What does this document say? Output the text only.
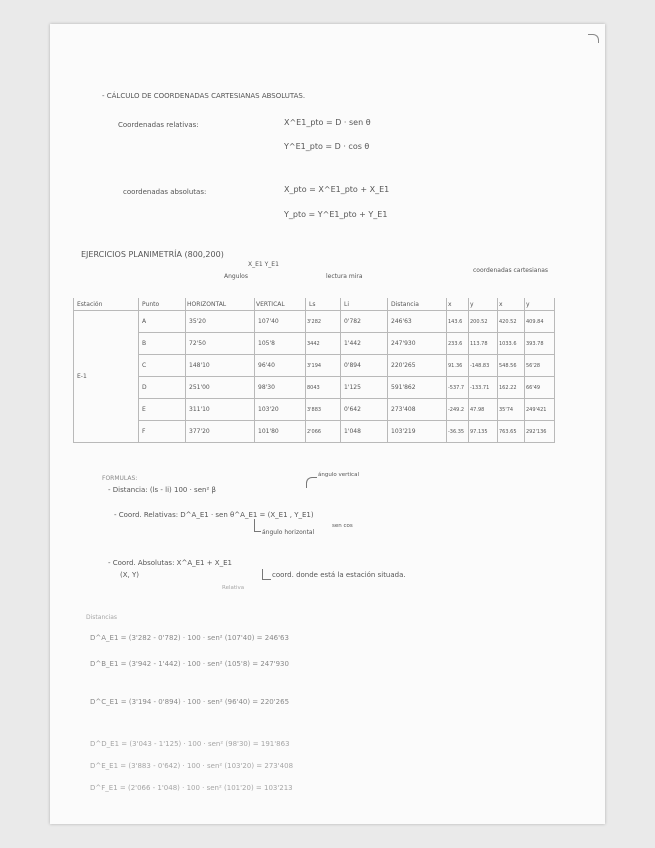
- CÁLCULO DE COORDENADAS CARTESIANAS ABSOLUTAS.
Coordenadas relativas:	X^E1_pto = D · sen θ
Y^E1_pto = D · cos θ
coordenadas absolutas:	X_pto = X^E1_pto + X_E1
Y_pto = Y^E1_pto + Y_E1
EJERCICIOS PLANIMETRÍA (800,200)
X_E1 Y_E1
Angulos	lectura mira
coordenadas cartesianas
Estación	Punto	HORIZONTAL	VERTICAL	Ls	Li	Distancia	x	y	x	y
E-1	A	35'20	107'40	3'282	0'782	246'63	143.6	200.52	420.52	409.84
	B	72'50	105'8	3442	1'442	247'930	233.6	113.78	1033.6	393.78
	C	148'10	96'40	3'194	0'894	220'265	91.36	-148.83	548.56	56'28
	D	251'00	98'30	8043	1'125	591'862	-537.7	-133.71	162.22	66'49
	E	311'10	103'20	3'883	0'642	273'408	-249.2	47.98	35'74	249'421
	F	377'20	101'80	2'066	1'048	103'219	-36.35	97.135	763.65	292'136
FORMULAS:
- Distancia: (ls - li) 100 · sen² β
ángulo vertical
- Coord. Relativas: D^A_E1 · sen θ^A_E1 = (X_E1 , Y_E1)
sen cos
ángulo horizontal
- Coord. Absolutas: X^A_E1 + X_E1
(X, Y)	coord. donde está la estación situada.
Relativa
Distancias
D^A_E1 = (3'282 - 0'782) · 100 · sen² (107'40) = 246'63
D^B_E1 = (3'942 - 1'442) · 100 · sen² (105'8) = 247'930
D^C_E1 = (3'194 - 0'894) · 100 · sen² (96'40) = 220'265
D^D_E1 = (3'043 - 1'125) · 100 · sen² (98'30) = 191'863
D^E_E1 = (3'883 - 0'642) · 100 · sen² (103'20) = 273'408
D^F_E1 = (2'066 - 1'048) · 100 · sen² (101'20) = 103'213
